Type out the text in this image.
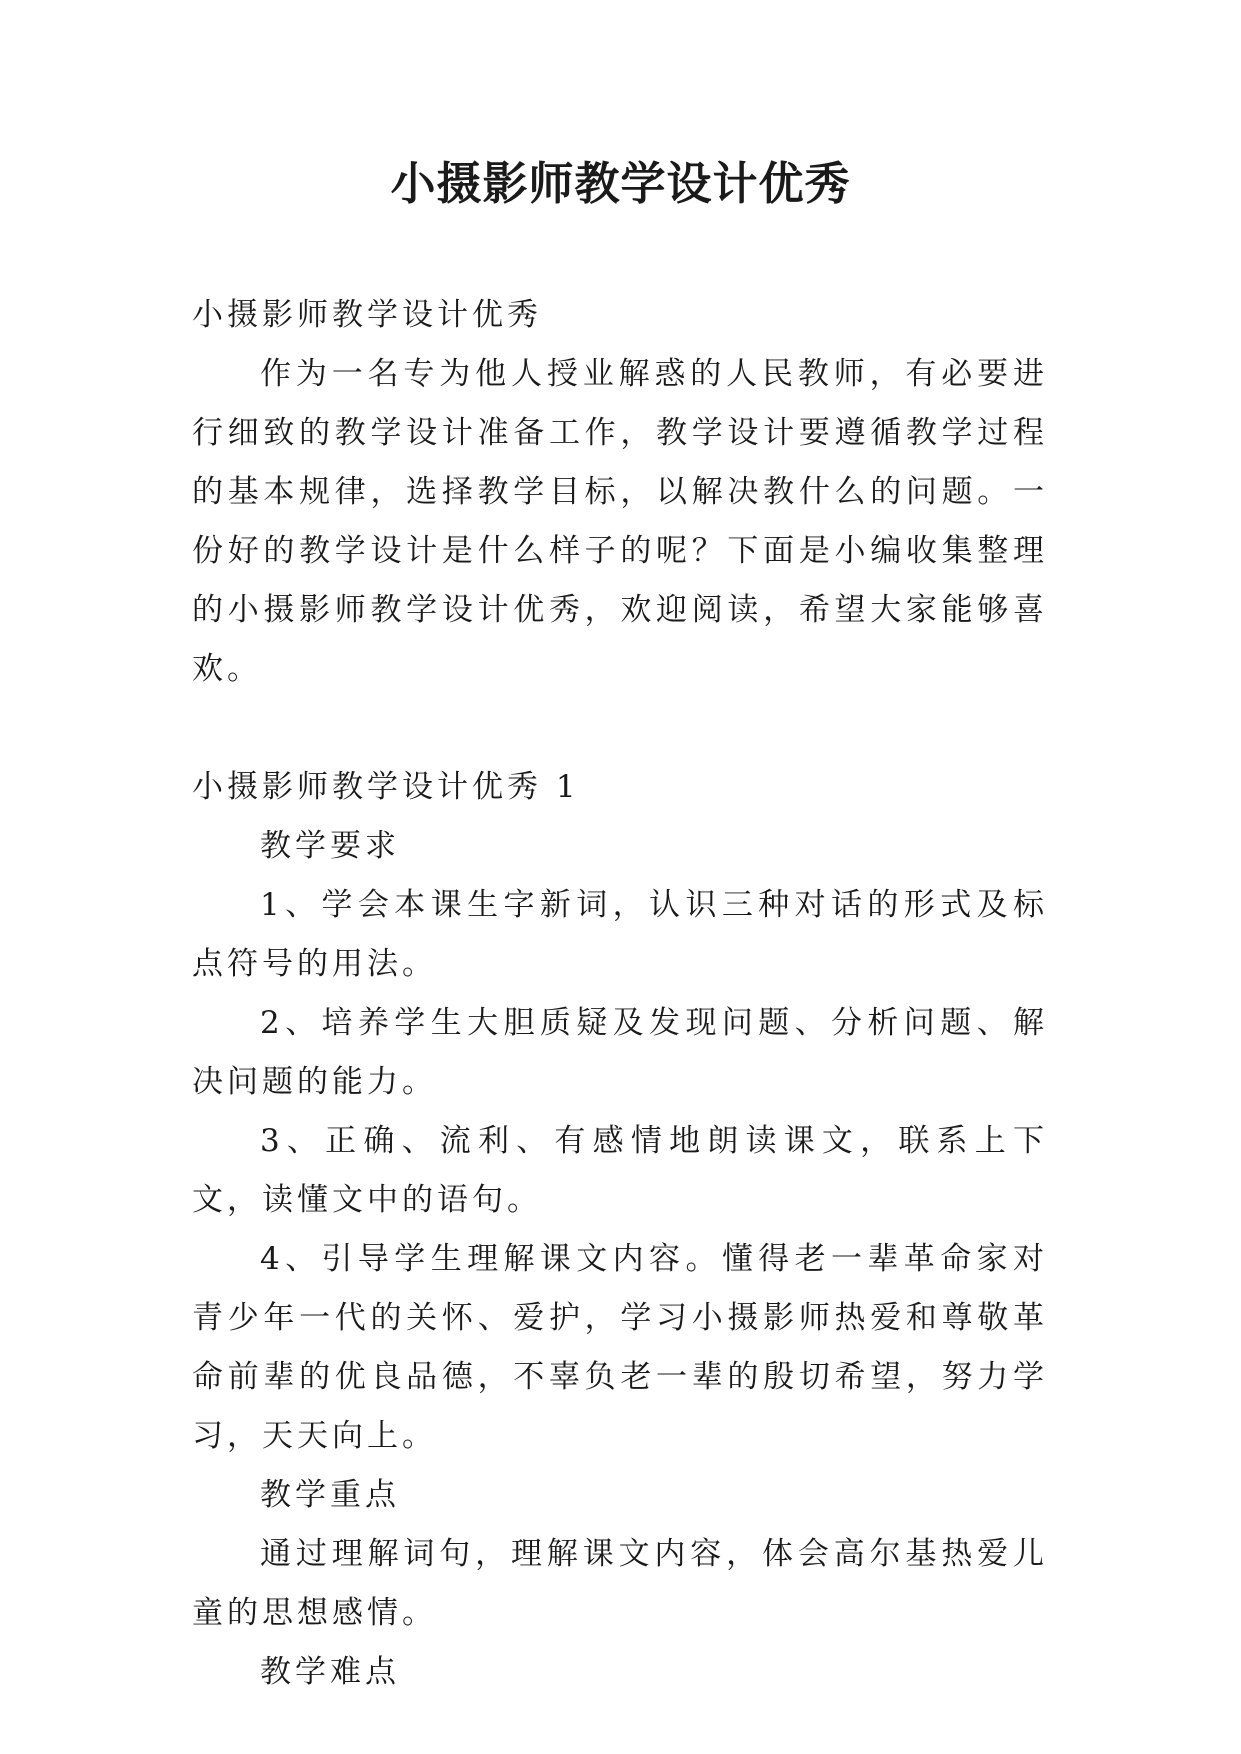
小摄影师教学设计优秀

小摄影师教学设计优秀

作为一名专为他人授业解惑的人民教师，有必要进行细致的教学设计准备工作，教学设计要遵循教学过程的基本规律，选择教学目标，以解决教什么的问题。一份好的教学设计是什么样子的呢？下面是小编收集整理的小摄影师教学设计优秀，欢迎阅读，希望大家能够喜欢。

小摄影师教学设计优秀 1

教学要求

1、学会本课生字新词，认识三种对话的形式及标点符号的用法。

2、培养学生大胆质疑及发现问题、分析问题、解决问题的能力。

3、正确、流利、有感情地朗读课文，联系上下文，读懂文中的语句。

4、引导学生理解课文内容。懂得老一辈革命家对青少年一代的关怀、爱护，学习小摄影师热爱和尊敬革命前辈的优良品德，不辜负老一辈的殷切希望，努力学习，天天向上。

教学重点

通过理解词句，理解课文内容，体会高尔基热爱儿童的思想感情。

教学难点
